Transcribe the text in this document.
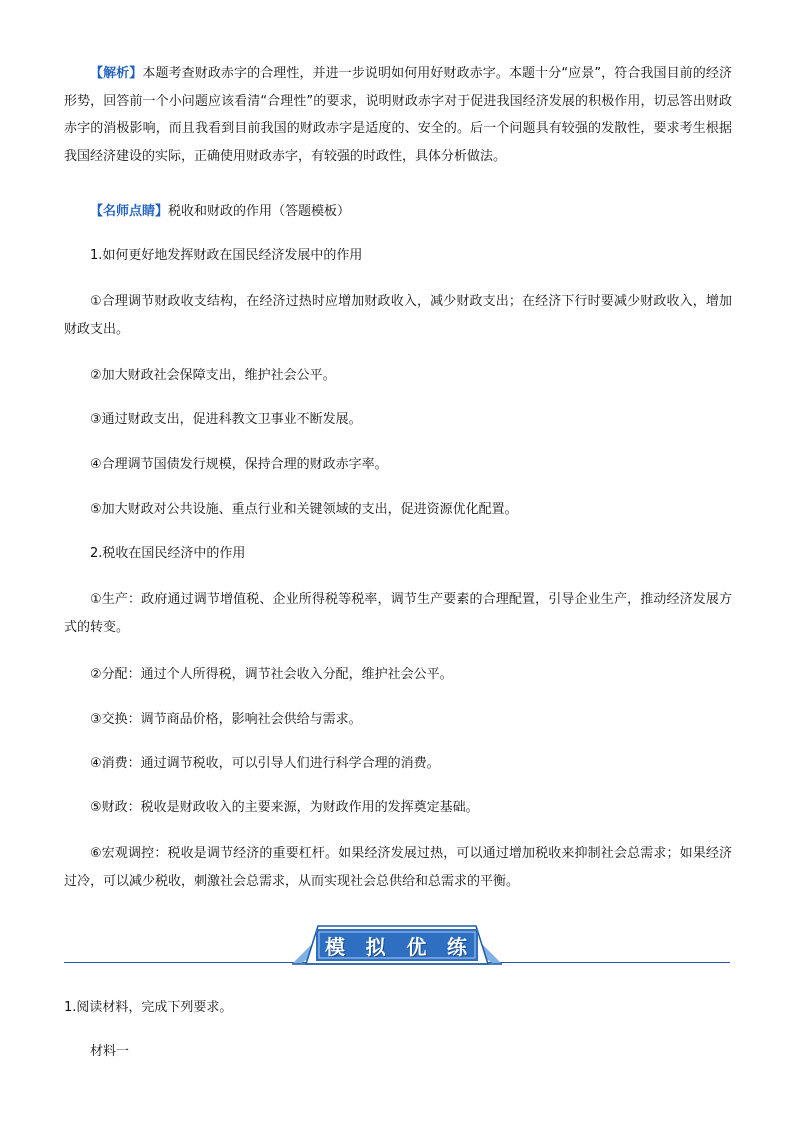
【解析】本题考查财政赤字的合理性，并进一步说明如何用好财政赤字。本题十分“应景”，符合我国目前的经济形势，回答前一个小问题应该看清“合理性”的要求，说明财政赤字对于促进我国经济发展的积极作用，切忌答出财政赤字的消极影响，而且我看到目前我国的财政赤字是适度的、安全的。后一个问题具有较强的发散性，要求考生根据我国经济建设的实际，正确使用财政赤字，有较强的时政性，具体分析做法。

【名师点睛】税收和财政的作用（答题模板）

1.如何更好地发挥财政在国民经济发展中的作用

①合理调节财政收支结构，在经济过热时应增加财政收入，减少财政支出；在经济下行时要减少财政收入，增加财政支出。

②加大财政社会保障支出，维护社会公平。

③通过财政支出，促进科教文卫事业不断发展。

④合理调节国债发行规模，保持合理的财政赤字率。

⑤加大财政对公共设施、重点行业和关键领域的支出，促进资源优化配置。

2.税收在国民经济中的作用

①生产：政府通过调节增值税、企业所得税等税率，调节生产要素的合理配置，引导企业生产，推动经济发展方式的转变。

②分配：通过个人所得税，调节社会收入分配，维护社会公平。

③交换：调节商品价格，影响社会供给与需求。

④消费：通过调节税收，可以引导人们进行科学合理的消费。

⑤财政：税收是财政收入的主要来源，为财政作用的发挥奠定基础。

⑥宏观调控：税收是调节经济的重要杠杆。如果经济发展过热，可以通过增加税收来抑制社会总需求；如果经济过冷，可以减少税收，刺激社会总需求，从而实现社会总供给和总需求的平衡。

模	拟	优	练

1.阅读材料，完成下列要求。

材料一
